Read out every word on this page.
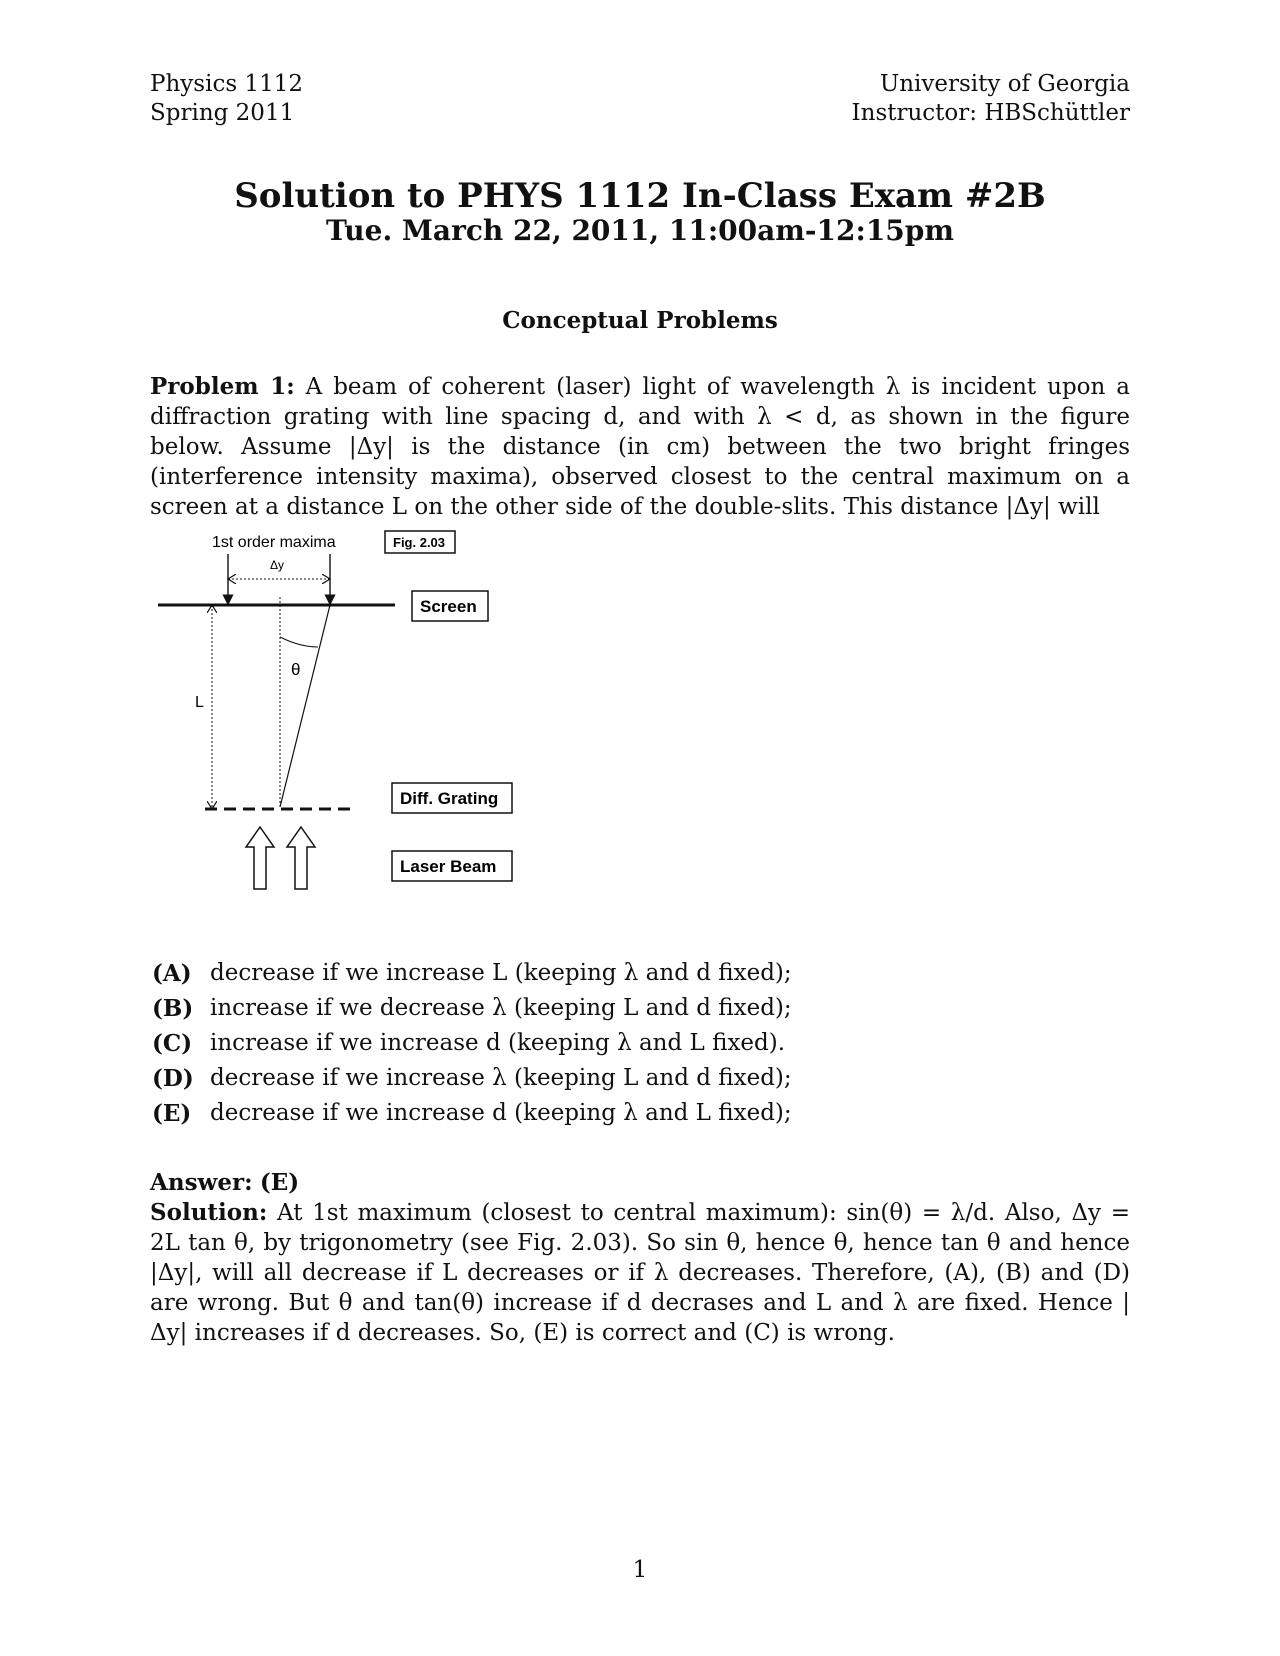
Physics 1112
Spring 2011
University of Georgia
Instructor: HBSchüttler
Solution to PHYS 1112 In-Class Exam #2B
Tue. March 22, 2011, 11:00am-12:15pm
Conceptual Problems
Problem 1: A beam of coherent (laser) light of wavelength λ is incident upon a diffraction grating with line spacing d, and with λ < d, as shown in the figure below. Assume |Δy| is the distance (in cm) between the two bright fringes (interference intensity maxima), observed closest to the central maximum on a screen at a distance L on the other side of the double-slits. This distance |Δy| will
1st order maxima	Fig. 2.03
Δy
Screen
θ
L
Diff. Grating
Laser Beam
(A) decrease if we increase L (keeping λ and d fixed);
(B) increase if we decrease λ (keeping L and d fixed);
(C) increase if we increase d (keeping λ and L fixed).
(D) decrease if we increase λ (keeping L and d fixed);
(E) decrease if we increase d (keeping λ and L fixed);
Answer: (E)
Solution: At 1st maximum (closest to central maximum): sin(θ) = λ/d. Also, Δy = 2L tan θ, by trigonometry (see Fig. 2.03). So sin θ, hence θ, hence tan θ and hence |Δy|, will all decrease if L decreases or if λ decreases. Therefore, (A), (B) and (D) are wrong. But θ and tan(θ) increase if d decrases and L and λ are fixed. Hence |Δy| increases if d decreases. So, (E) is correct and (C) is wrong.
1
